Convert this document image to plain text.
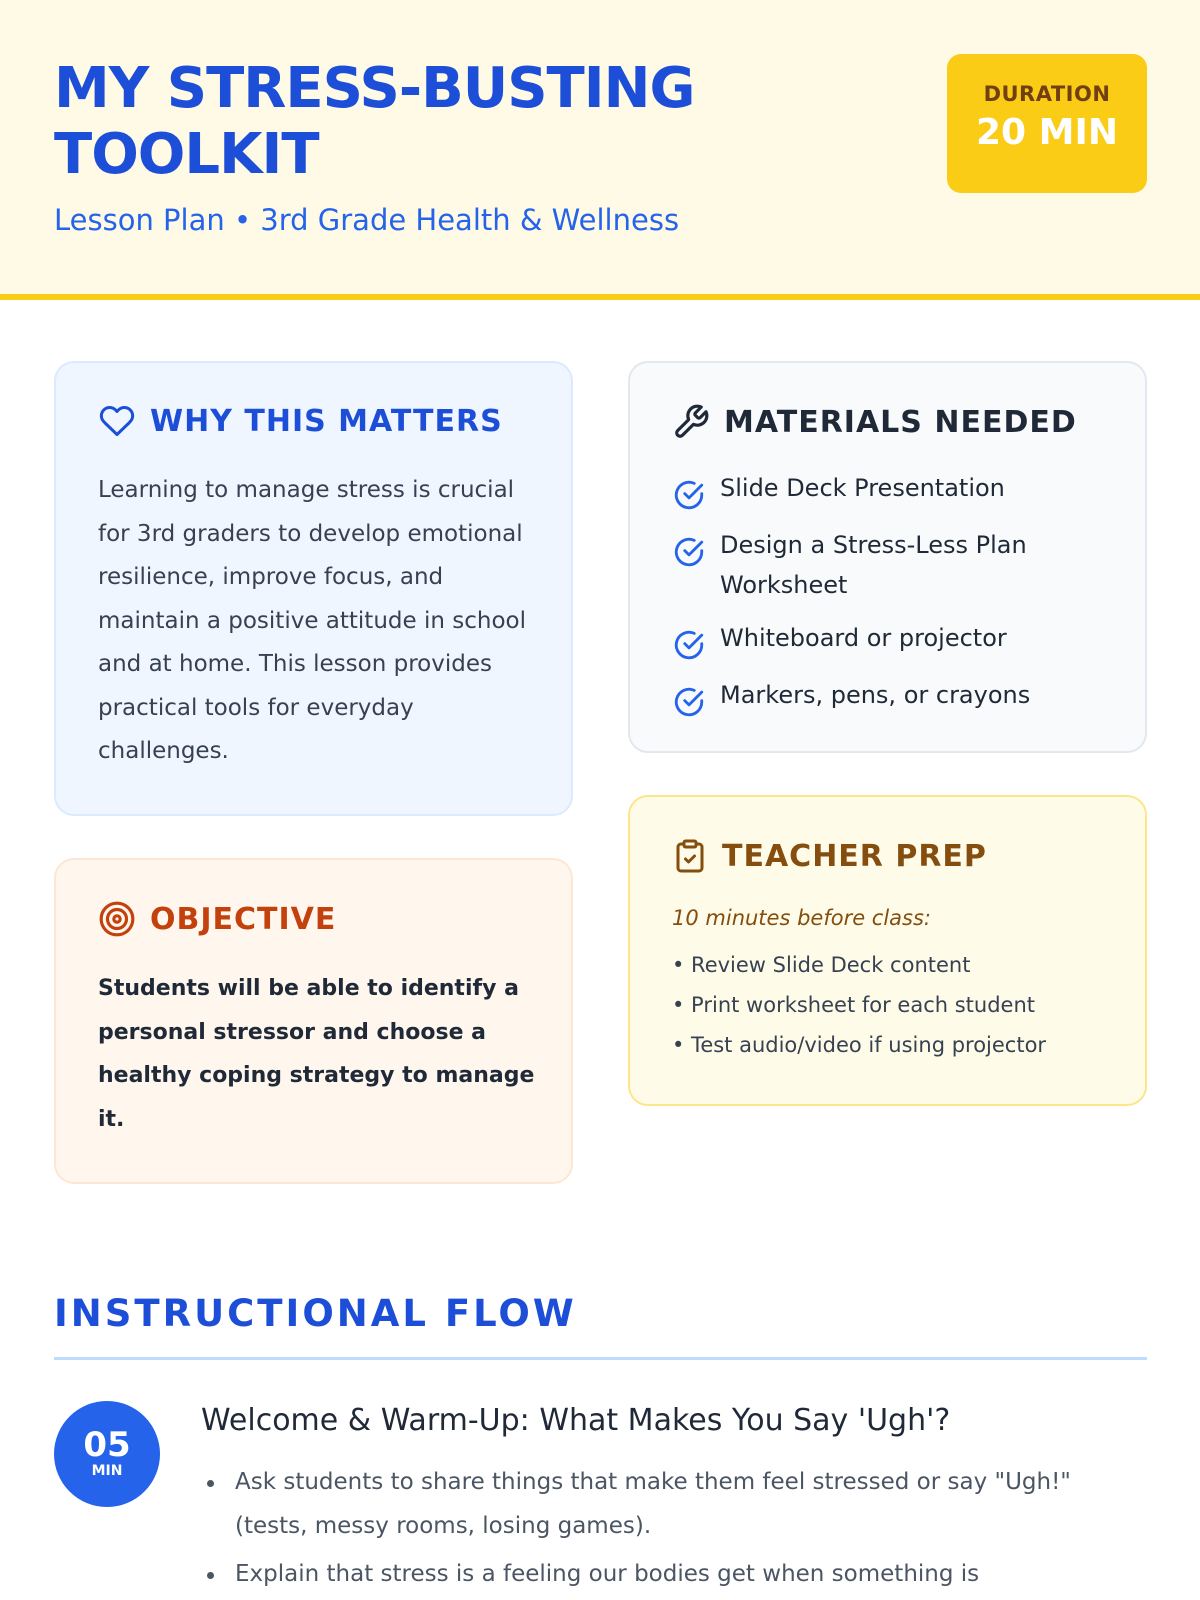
MY STRESS-BUSTING TOOLKIT
Lesson Plan • 3rd Grade Health & Wellness
DURATION
20 MIN
WHY THIS MATTERS

Learning to manage stress is crucial for 3rd graders to develop emotional resilience, improve focus, and maintain a positive attitude in school and at home. This lesson provides practical tools for everyday challenges.

MATERIALS NEEDED
Slide Deck Presentation
Design a Stress-Less Plan Worksheet
Whiteboard or projector
Markers, pens, or crayons
TEACHER PREP
10 minutes before class:
• Review Slide Deck content
• Print worksheet for each student
• Test audio/video if using projector
OBJECTIVE

Students will be able to identify a personal stressor and choose a healthy coping strategy to manage it.

INSTRUCTIONAL FLOW
05
MIN
Welcome & Warm-Up: What Makes You Say 'Ugh'?
Ask students to share things that make them feel stressed or say "Ugh!" (tests, messy rooms, losing games).
Explain that stress is a feeling our bodies get when something is
